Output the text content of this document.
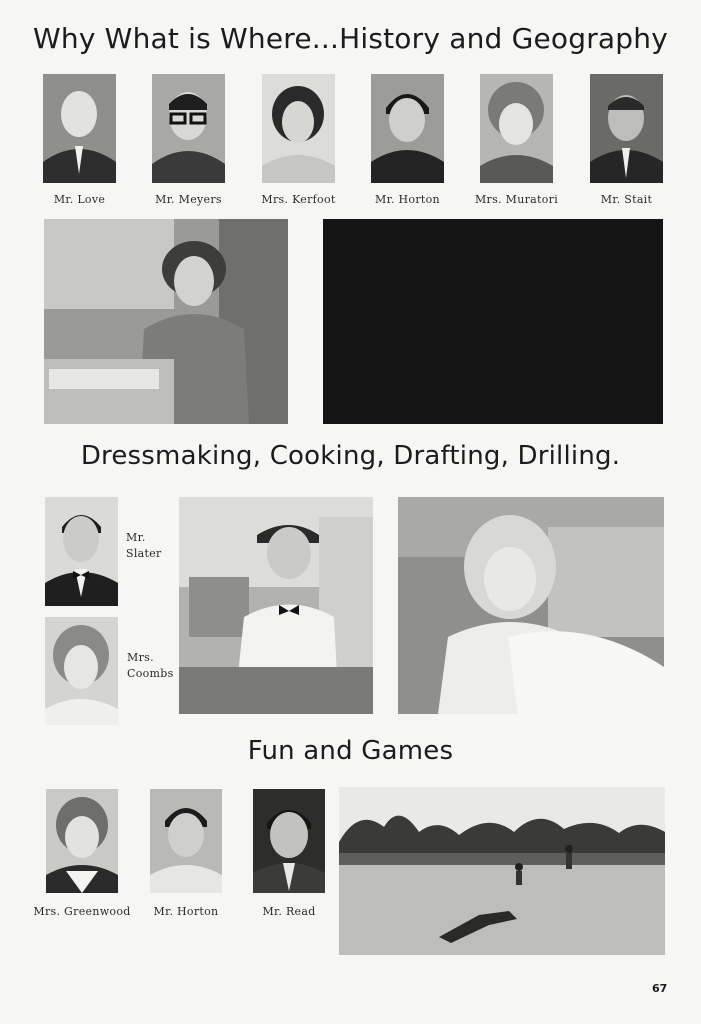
Why What is Where...History and Geography
Mr. Love	Mr. Meyers	Mrs. Kerfoot	Mr. Horton	Mrs. Muratori	Mr. Stait
Dressmaking, Cooking, Drafting, Drilling.
Mr.
Slater
Mrs.
Coombs
Fun and Games
Mrs. Greenwood	Mr. Horton	Mr. Read
67
